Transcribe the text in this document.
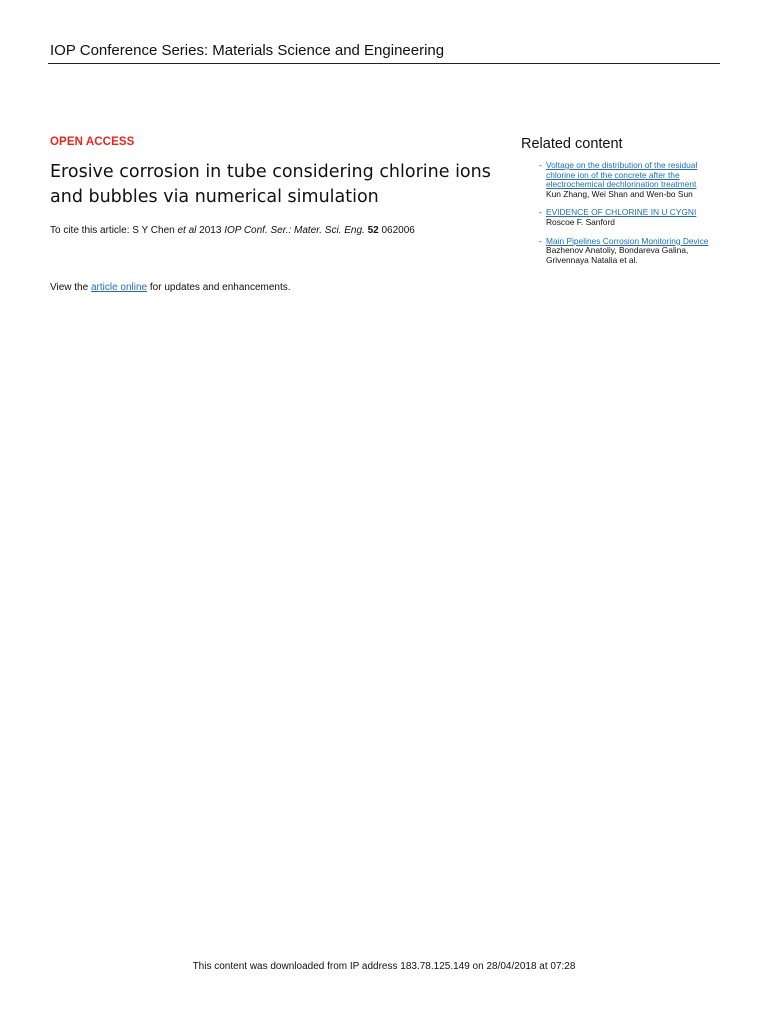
IOP Conference Series: Materials Science and Engineering
OPEN ACCESS
Erosive corrosion in tube considering chlorine ions and bubbles via numerical simulation
To cite this article: S Y Chen et al 2013 IOP Conf. Ser.: Mater. Sci. Eng. 52 062006
View the article online for updates and enhancements.
Related content
- Voltage on the distribution of the residual chlorine ion of the concrete after the electrochemical dechlorination treatment
Kun Zhang, Wei Shan and Wen-bo Sun
- EVIDENCE OF CHLORINE IN U CYGNI
Roscoe F. Sanford
- Main Pipelines Corrosion Monitoring Device
Bazhenov Anatoliy, Bondareva Galina, Grivennaya Natalia et al.
This content was downloaded from IP address 183.78.125.149 on 28/04/2018 at 07:28
